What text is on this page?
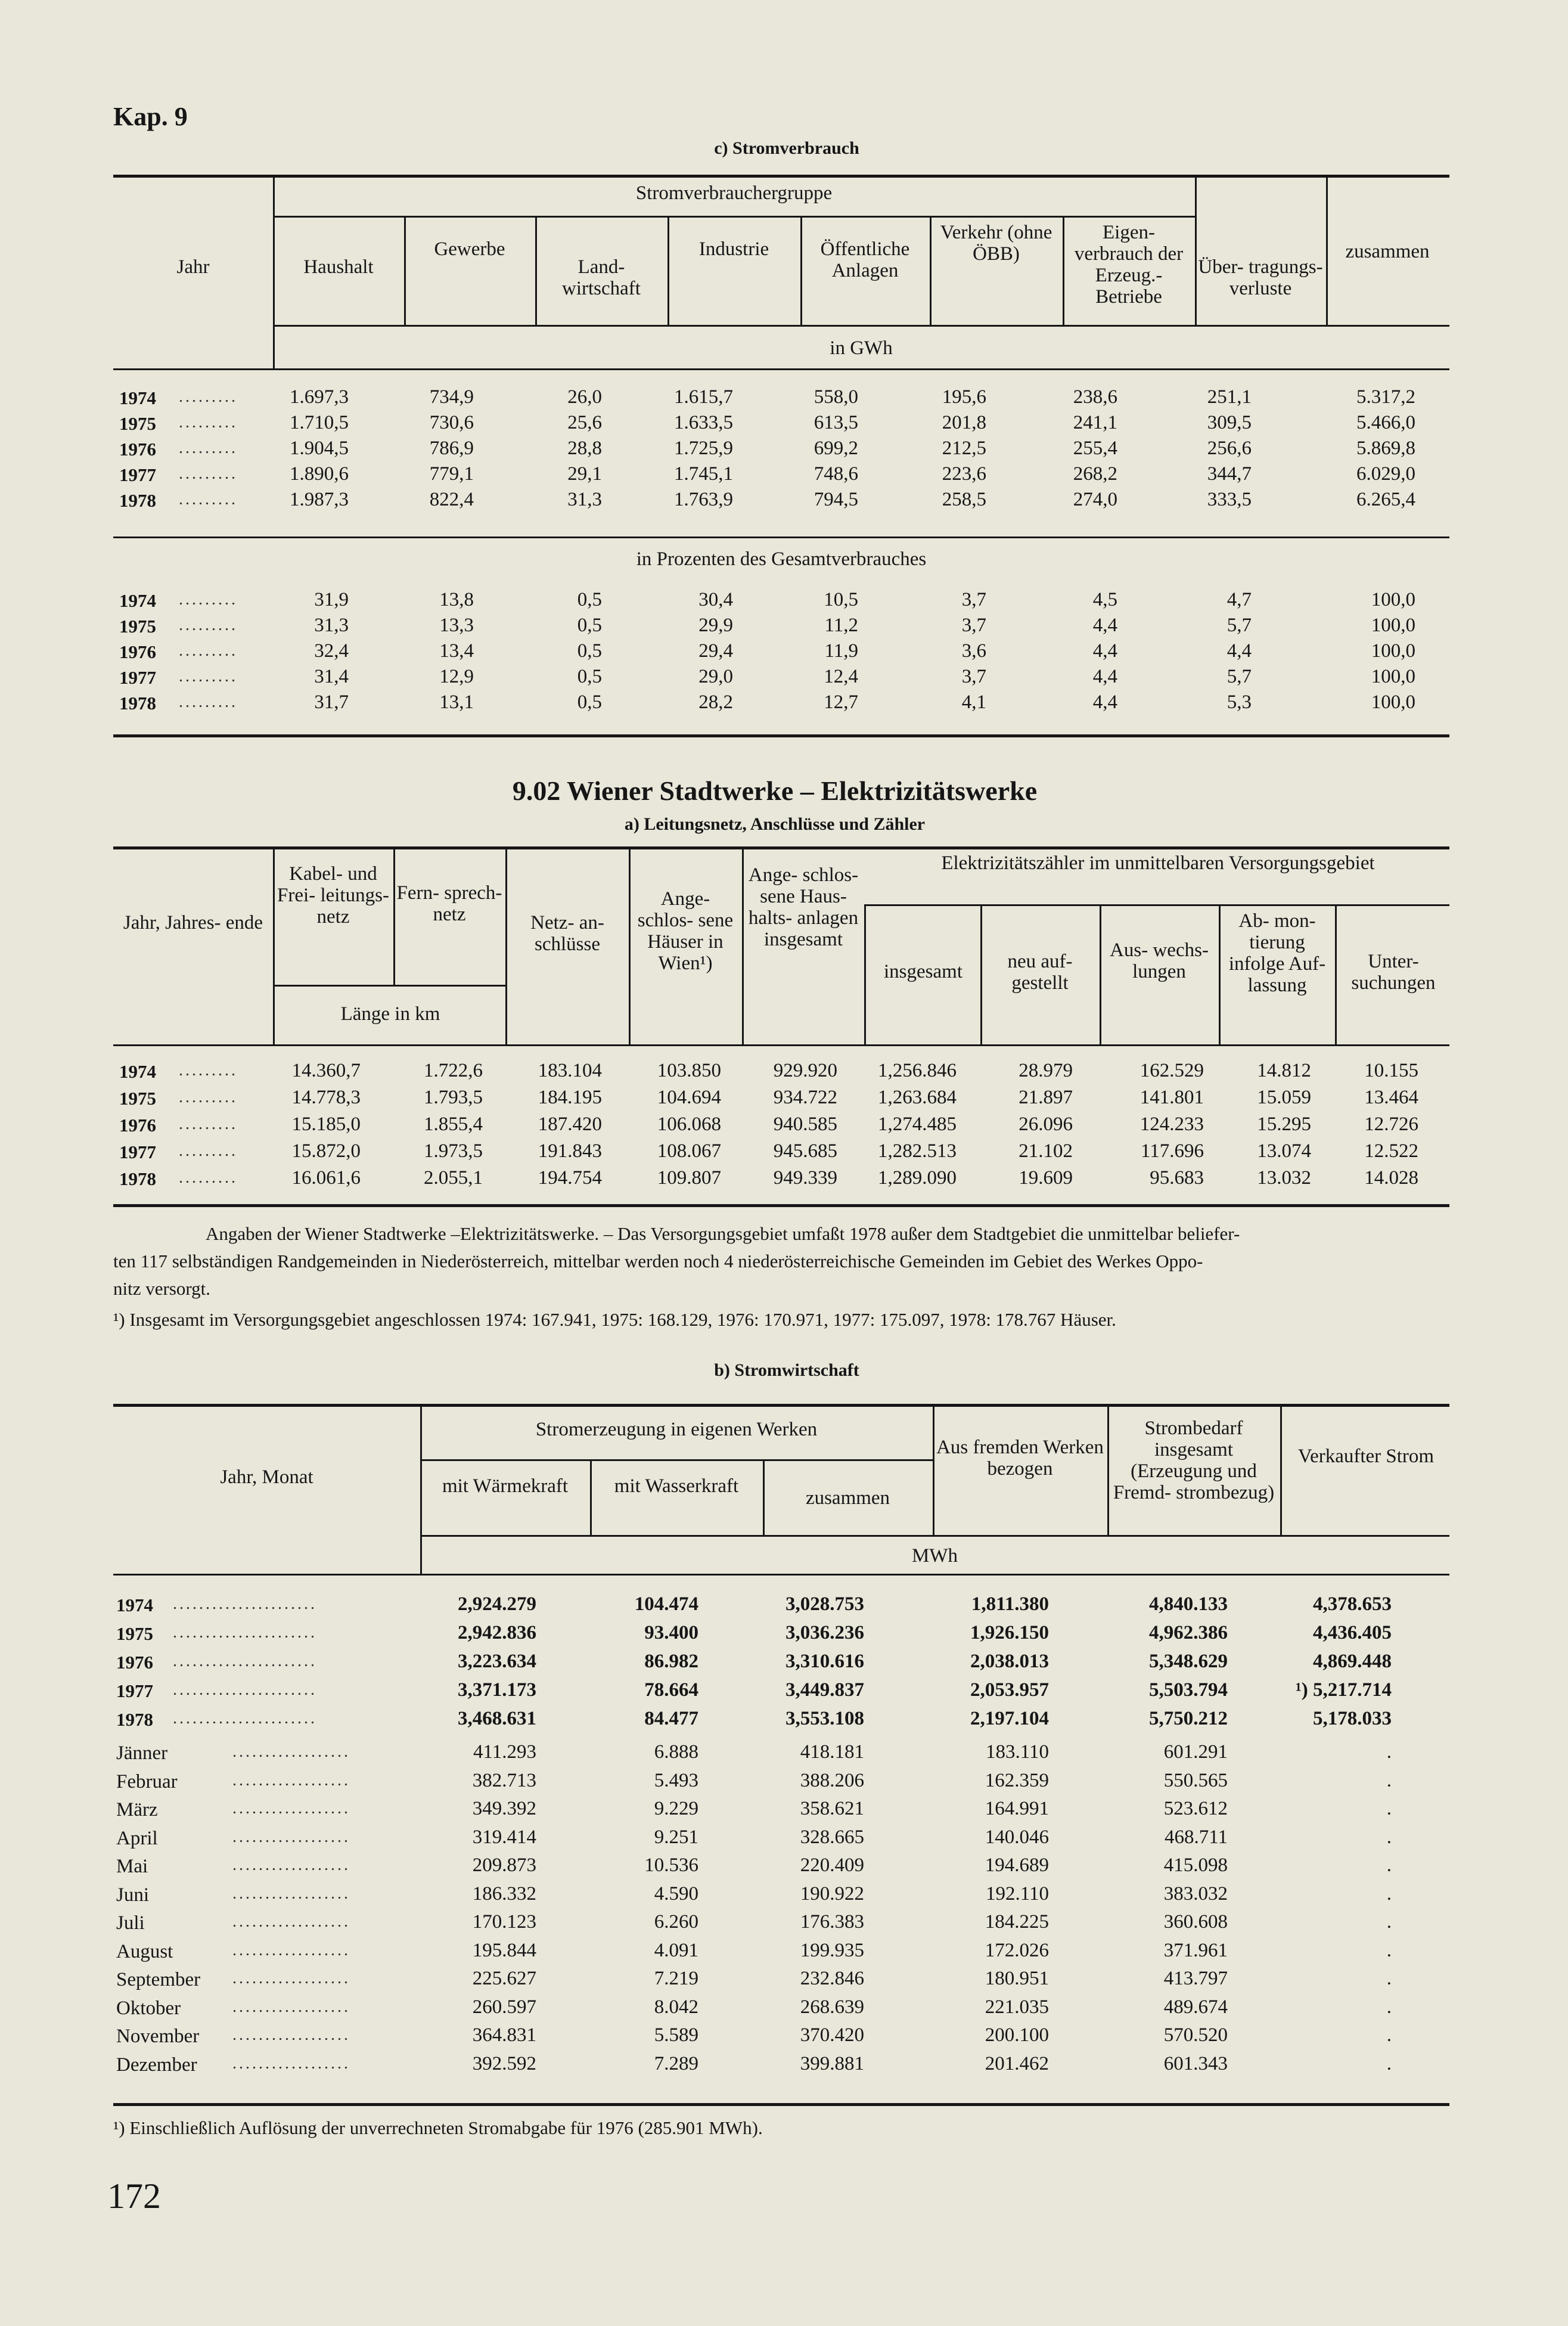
Kap. 9
c) Stromverbrauch
172
Jahr
Stromverbrauchergruppe
Haushalt
Gewerbe
Land- wirtschaft
Industrie	Öffentliche Anlagen
Verkehr (ohne ÖBB)
Eigen- verbrauch der Erzeug.- Betriebe
Über- tragungs- verluste
zusammen
in GWh
in Prozenten des Gesamtverbrauches
1974 .........	1.697,3	734,9	26,0	1.615,7	558,0	195,6	238,6	251,1	5.317,2
1975 .........	1.710,5	730,6	25,6	1.633,5	613,5	201,8	241,1	309,5	5.466,0
1976 .........	1.904,5	786,9	28,8	1.725,9	699,2	212,5	255,4	256,6	5.869,8
1977 .........	1.890,6	779,1	29,1	1.745,1	748,6	223,6	268,2	344,7	6.029,0
1978 .........	1.987,3	822,4	31,3	1.763,9	794,5	258,5	274,0	333,5	6.265,4
1974 .........	31,9	13,8	0,5	30,4	10,5	3,7	4,5	4,7	100,0
1975 .........	31,3	13,3	0,5	29,9	11,2	3,7	4,4	5,7	100,0
1976 .........	32,4	13,4	0,5	29,4	11,9	3,6	4,4	4,4	100,0
1977 .........	31,4	12,9	0,5	29,0	12,4	3,7	4,4	5,7	100,0
1978 .........	31,7	13,1	0,5	28,2	12,7	4,1	4,4	5,3	100,0
9.02 Wiener Stadtwerke – Elektrizitätswerke
a) Leitungsnetz, Anschlüsse und Zähler
Jahr, Jahres- ende
Kabel- und Frei- leitungs- netz
Fern- sprech- netz
Länge in km
Netz- an- schlüsse
Ange- schlos- sene Häuser in Wien¹)
Ange- schlos- sene Haus- halts- anlagen insgesamt
Elektrizitätszähler im unmittelbaren Versorgungsgebiet
insgesamt	neu auf- gestellt
Aus- wechs- lungen
Ab- mon- tierung infolge Auf- lassung
Unter- suchungen
1974 .........	14.360,7	1.722,6	183.104	103.850	929.920	1,256.846	28.979	162.529	14.812	10.155
1975 .........	14.778,3	1.793,5	184.195	104.694	934.722	1,263.684	21.897	141.801	15.059	13.464
1976 .........	15.185,0	1.855,4	187.420	106.068	940.585	1,274.485	26.096	124.233	15.295	12.726
1977 .........	15.872,0	1.973,5	191.843	108.067	945.685	1,282.513	21.102	117.696	13.074	12.522
1978 .........	16.061,6	2.055,1	194.754	109.807	949.339	1,289.090	19.609	95.683	13.032	14.028
Angaben der Wiener Stadtwerke –Elektrizitätswerke. – Das Versorgungsgebiet umfaßt 1978 außer dem Stadtgebiet die unmittelbar beliefer-
ten 117 selbständigen Randgemeinden in Niederösterreich, mittelbar werden noch 4 niederösterreichische Gemeinden im Gebiet des Werkes Oppo-
nitz versorgt.
¹) Insgesamt im Versorgungsgebiet angeschlossen 1974: 167.941, 1975: 168.129, 1976: 170.971, 1977: 175.097, 1978: 178.767 Häuser.
b) Stromwirtschaft
Jahr, Monat
Stromerzeugung in eigenen Werken
mit Wärmekraft	mit Wasserkraft
zusammen
Aus fremden Werken bezogen
Strombedarf insgesamt (Erzeugung und Fremd- strombezug)
Verkaufter Strom
MWh
1974 ......................	2,924.279	104.474	3,028.753	1,811.380	4,840.133	4,378.653
1975 ......................	2,942.836	93.400	3,036.236	1,926.150	4,962.386	4,436.405
1976 ......................	3,223.634	86.982	3,310.616	2,038.013	5,348.629	4,869.448
1977 ......................	3,371.173	78.664	3,449.837	2,053.957	5,503.794	¹) 5,217.714
1978 ......................	3,468.631	84.477	3,553.108	2,197.104	5,750.212	5,178.033
Jänner	..................	411.293	6.888	418.181	183.110	601.291	.
Februar	..................	382.713	5.493	388.206	162.359	550.565	.
März	..................	349.392	9.229	358.621	164.991	523.612	.
April	..................	319.414	9.251	328.665	140.046	468.711	.
Mai	..................	209.873	10.536	220.409	194.689	415.098	.
Juni	..................	186.332	4.590	190.922	192.110	383.032	.
Juli	..................	170.123	6.260	176.383	184.225	360.608	.
August	..................	195.844	4.091	199.935	172.026	371.961	.
September ..................	225.627	7.219	232.846	180.951	413.797	.
Oktober	..................	260.597	8.042	268.639	221.035	489.674	.
November ..................	364.831	5.589	370.420	200.100	570.520	.
Dezember ..................	392.592	7.289	399.881	201.462	601.343	.
¹) Einschließlich Auflösung der unverrechneten Stromabgabe für 1976 (285.901 MWh).
